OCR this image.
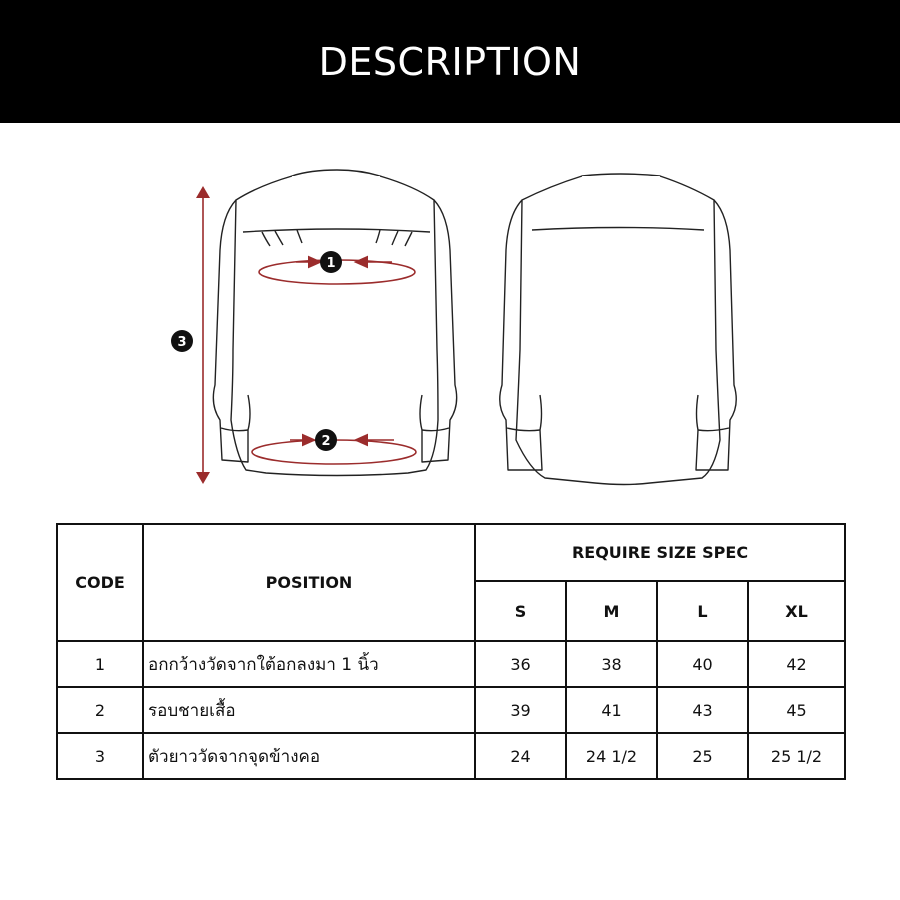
DESCRIPTION
1
2
3
CODE	POSITION	REQUIRE SIZE SPEC			
		S	M	L	XL
1	อกกว้างวัดจากใต้อกลงมา 1 นิ้ว	36	38	40	42
2	รอบชายเสื้อ	39	41	43	45
3	ตัวยาววัดจากจุดข้างคอ	24	24 1/2	25	25 1/2
